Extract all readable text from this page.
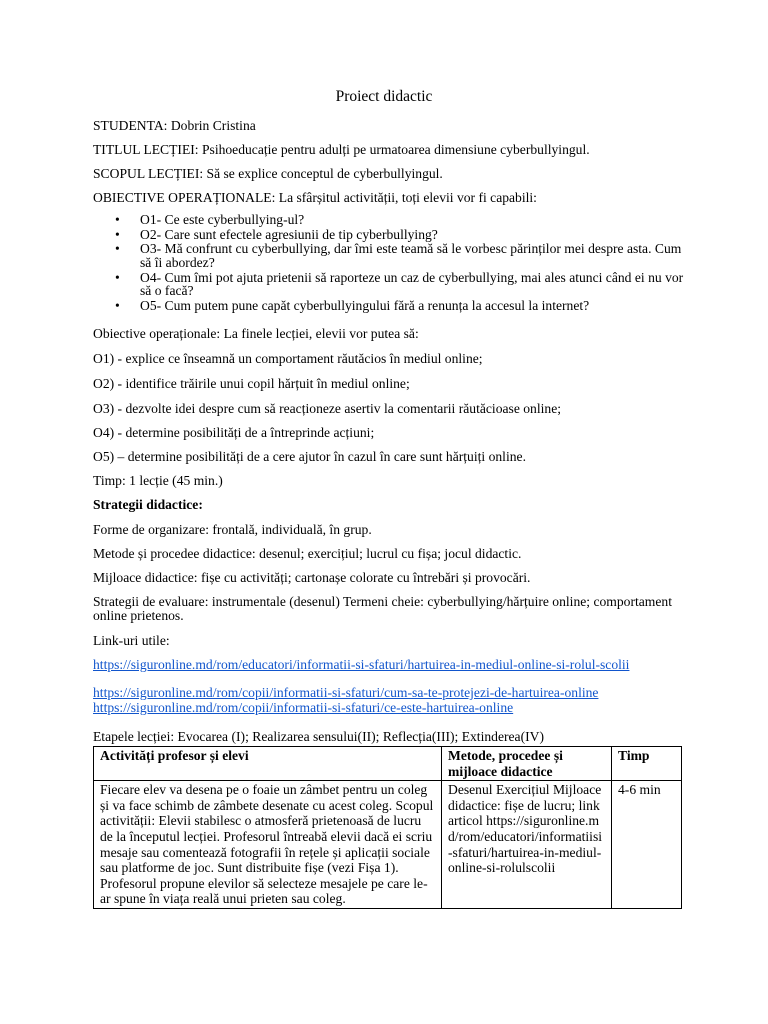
Proiect didactic
STUDENTA: Dobrin Cristina
TITLUL LECȚIEI: Psihoeducație pentru adulți pe urmatoarea dimensiune cyberbullyingul.
SCOPUL LECȚIEI: Să se explice conceptul de cyberbullyingul.
OBIECTIVE OPERAȚIONALE: La sfârșitul activității, toți elevii vor fi capabili:
• O1- Ce este cyberbullying-ul?
• O2- Care sunt efectele agresiunii de tip cyberbullying?
• O3- Mă confrunt cu cyberbullying, dar îmi este teamă să le vorbesc părinților mei despre asta. Cum să îi abordez?
• O4- Cum îmi pot ajuta prietenii să raporteze un caz de cyberbullying, mai ales atunci când ei nu vor să o facă?
• O5- Cum putem pune capăt cyberbullyingului fără a renunța la accesul la internet?
Obiective operaționale: La finele lecției, elevii vor putea să:
O1) - explice ce înseamnă un comportament răutăcios în mediul online;
O2) - identifice trăirile unui copil hărțuit în mediul online;
O3) - dezvolte idei despre cum să reacționeze asertiv la comentarii răutăcioase online;
O4) - determine posibilități de a întreprinde acțiuni;
O5) – determine posibilități de a cere ajutor în cazul în care sunt hărțuiți online.
Timp: 1 lecție (45 min.)
Strategii didactice:
Forme de organizare: frontală, individuală, în grup.
Metode și procedee didactice: desenul; exercițiul; lucrul cu fișa; jocul didactic.
Mijloace didactice: fișe cu activități; cartonașe colorate cu întrebări și provocări.
Strategii de evaluare: instrumentale (desenul) Termeni cheie: cyberbullying/hărțuire online; comportament online prietenos.
Link-uri utile:
https://siguronline.md/rom/educatori/informatii-si-sfaturi/hartuirea-in-mediul-online-si-rolul-scolii
https://siguronline.md/rom/copii/informatii-si-sfaturi/cum-sa-te-protejezi-de-hartuirea-online
https://siguronline.md/rom/copii/informatii-si-sfaturi/ce-este-hartuirea-online
Etapele lecției: Evocarea (I); Realizarea sensului(II); Reflecția(III); Extinderea(IV)
Activități profesor și elevi	Metode, procedee și mijloace didactice	Timp
Fiecare elev va desena pe o foaie un zâmbet pentru un coleg și va face schimb de zâmbete desenate cu acest coleg. Scopul activității: Elevii stabilesc o atmosferă prietenoasă de lucru de la începutul lecției. Profesorul întreabă elevii dacă ei scriu mesaje sau comentează fotografii în rețele și aplicații sociale sau platforme de joc. Sunt distribuite fișe (vezi Fișa 1). Profesorul propune elevilor să selecteze mesajele pe care le-ar spune în viața reală unui prieten sau coleg.	Desenul Exercițiul Mijloace didactice: fișe de lucru; link articol https://siguronline.md/rom/educatori/informatiisi-sfaturi/hartuirea-in-mediul-online-si-rolulscolii	4-6 min
